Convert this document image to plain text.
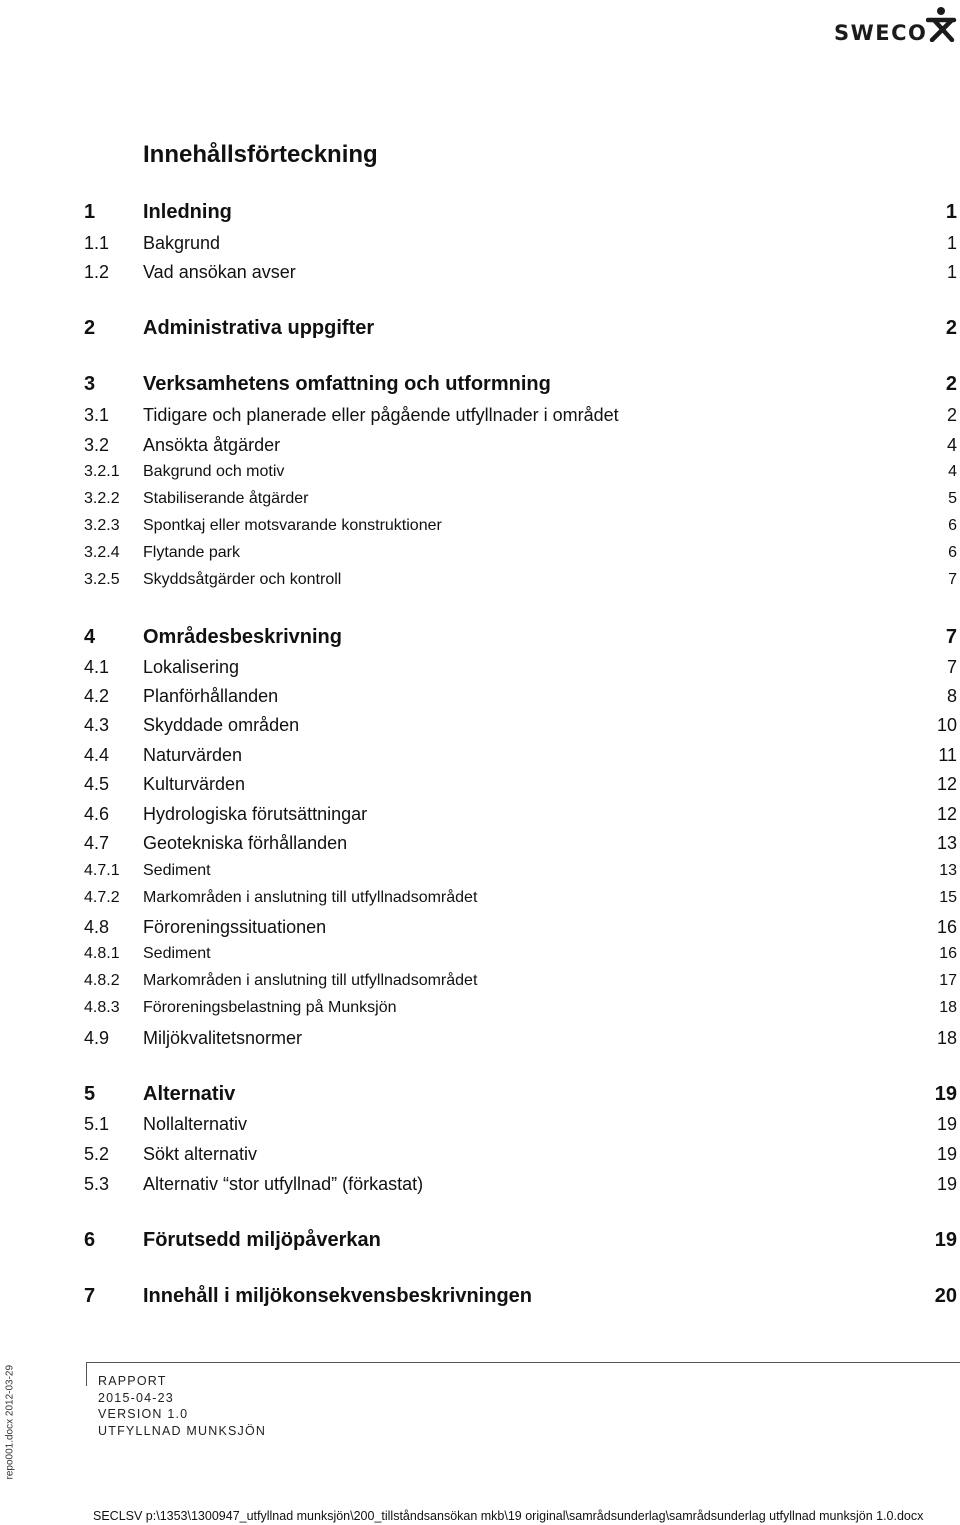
SWECO
Innehållsförteckning
1 Inledning	1
1.1 Bakgrund	1
1.2 Vad ansökan avser	1
2 Administrativa uppgifter	2
3 Verksamhetens omfattning och utformning	2
3.1 Tidigare och planerade eller pågående utfyllnader i området	2
3.2 Ansökta åtgärder	4
3.2.1 Bakgrund och motiv	4
3.2.2 Stabiliserande åtgärder	5
3.2.3 Spontkaj eller motsvarande konstruktioner	6
3.2.4 Flytande park	6
3.2.5 Skyddsåtgärder och kontroll	7
4 Områdesbeskrivning	7
4.1 Lokalisering	7
4.2 Planförhållanden	8
4.3 Skyddade områden	10
4.4 Naturvärden	11
4.5 Kulturvärden	12
4.6 Hydrologiska förutsättningar	12
4.7 Geotekniska förhållanden	13
4.7.1 Sediment	13
4.7.2 Markområden i anslutning till utfyllnadsområdet	15
4.8 Föroreningssituationen	16
4.8.1 Sediment	16
4.8.2 Markområden i anslutning till utfyllnadsområdet	17
4.8.3 Föroreningsbelastning på Munksjön	18
4.9 Miljökvalitetsnormer	18
5 Alternativ	19
5.1 Nollalternativ	19
5.2 Sökt alternativ	19
5.3 Alternativ “stor utfyllnad” (förkastat)	19
6 Förutsedd miljöpåverkan	19
7 Innehåll i miljökonsekvensbeskrivningen	20
repo001.docx 2012-03-29	RAPPORT
2015-04-23
VERSION 1.0
UTFYLLNAD MUNKSJÖN
SECLSV p:\1353\1300947_utfyllnad munksjön\200_tillståndsansökan mkb\19 original\samrådsunderlag\samrådsunderlag utfyllnad munksjön 1.0.docx
